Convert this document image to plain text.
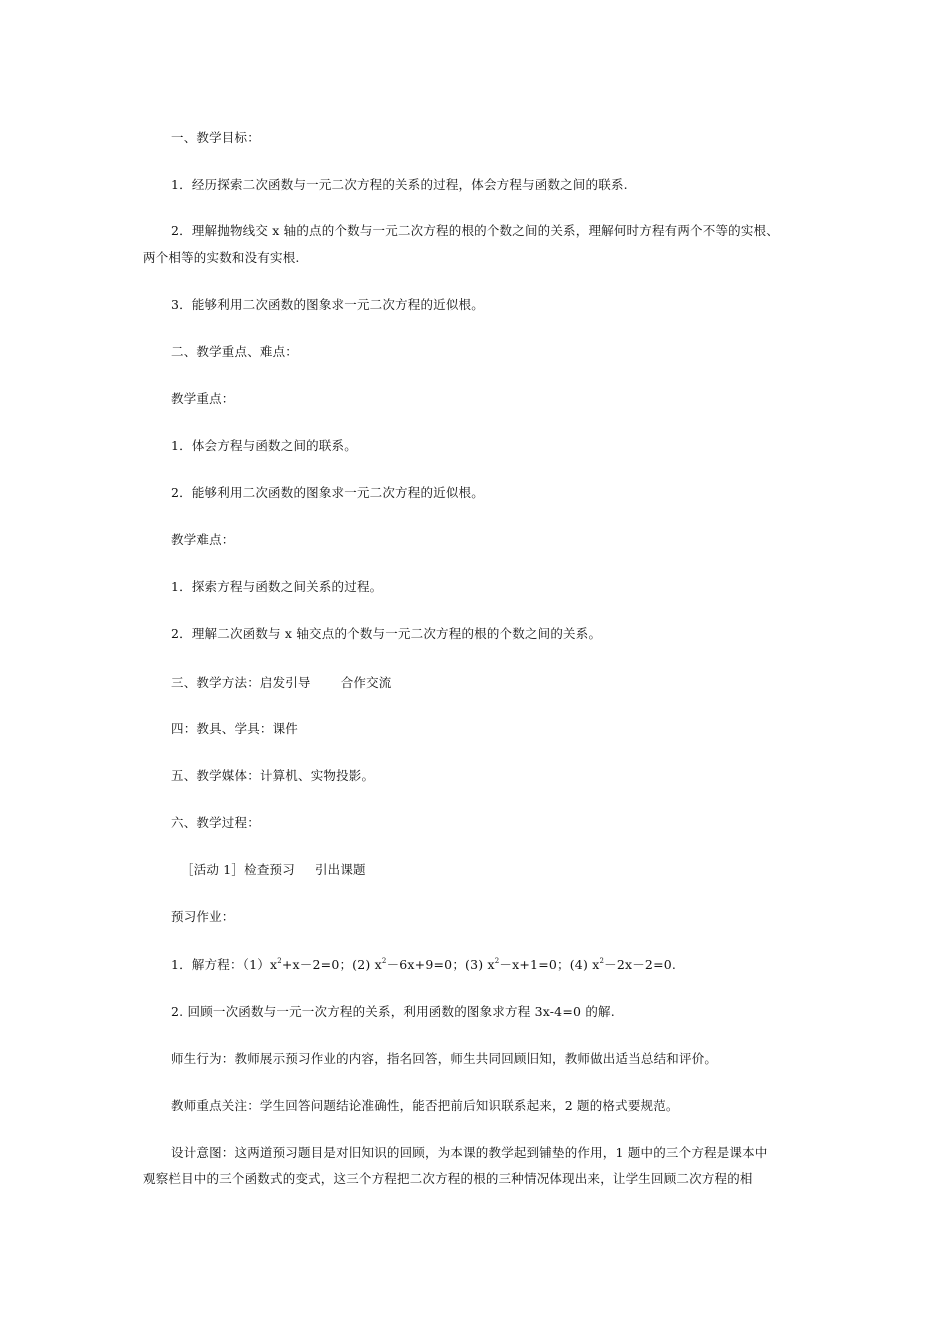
一、教学目标：
1．经历探索二次函数与一元二次方程的关系的过程，体会方程与函数之间的联系.
2．理解抛物线交 x 轴的点的个数与一元二次方程的根的个数之间的关系，理解何时方程有两个不等的实根、
两个相等的实数和没有实根.
3．能够利用二次函数的图象求一元二次方程的近似根。
二、教学重点、难点：
教学重点：
1．体会方程与函数之间的联系。
2．能够利用二次函数的图象求一元二次方程的近似根。
教学难点：
1．探索方程与函数之间关系的过程。
2．理解二次函数与 x 轴交点的个数与一元二次方程的根的个数之间的关系。
三、教学方法：启发引导 合作交流
四：教具、学具：课件
五、教学媒体：计算机、实物投影。
六、教学过程：
［活动 1］检查预习 引出课题
预习作业：
1．解方程：$(1)x^2+x-2=0$；(2) $x^2-6x+9=0$；(3) $x^2-x+1=0$；(4) $x^2-2x-2=0$.
2. 回顾一次函数与一元一次方程的关系，利用函数的图象求方程 3x-4=0 的解.
师生行为：教师展示预习作业的内容，指名回答，师生共同回顾旧知，教师做出适当总结和评价。
教师重点关注：学生回答问题结论准确性，能否把前后知识联系起来，2 题的格式要规范。
设计意图：这两道预习题目是对旧知识的回顾，为本课的教学起到铺垫的作用，1 题中的三个方程是课本中
观察栏目中的三个函数式的变式，这三个方程把二次方程的根的三种情况体现出来，让学生回顾二次方程的相
